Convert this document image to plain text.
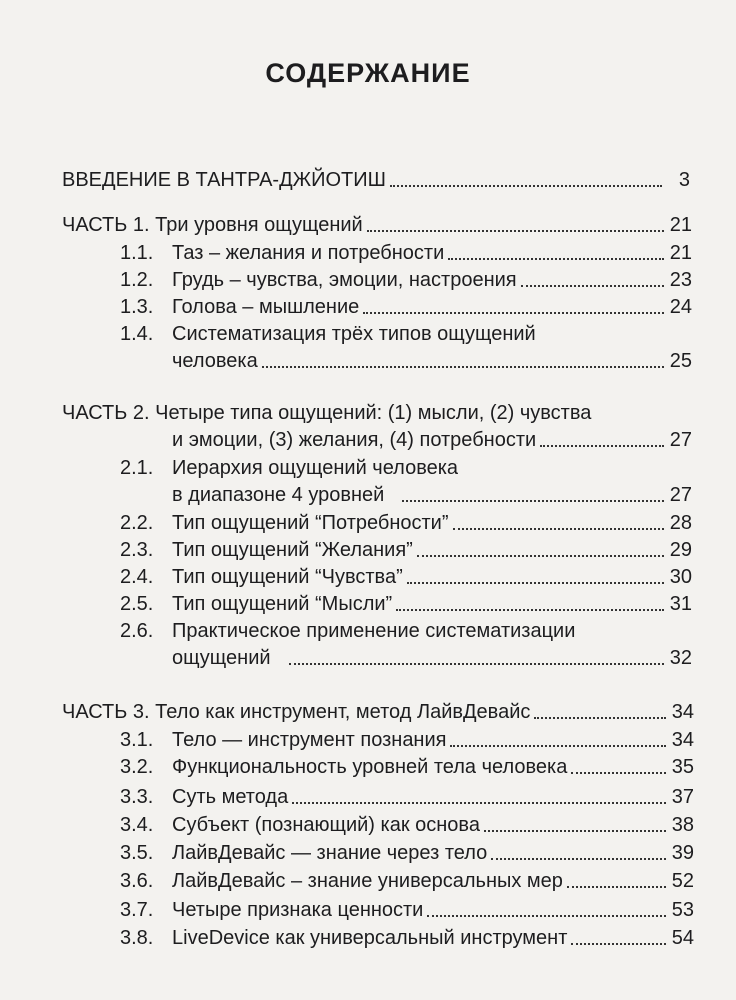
СОДЕРЖАНИЕ
ВВЕДЕНИЕ В ТАНТРА-ДЖЙОТИШ	3
ЧАСТЬ 1. Три уровня ощущений	21
1.1. Таз – желания и потребности	21
1.2. Грудь – чувства, эмоции, настроения	23
1.3. Голова – мышление	24
1.4. Систематизация трёх типов ощущений
человека	25
ЧАСТЬ 2. Четыре типа ощущений: (1) мысли, (2) чувства
и эмоции, (3) желания, (4) потребности	27
2.1. Иерархия ощущений человека
в диапазоне 4 уровней	27
2.2. Тип ощущений “Потребности”	28
2.3. Тип ощущений “Желания”	29
2.4. Тип ощущений “Чувства”	30
2.5. Тип ощущений “Мысли”	31
2.6. Практическое применение систематизации
ощущений	32
ЧАСТЬ 3. Тело как инструмент, метод ЛайвДевайс	34
3.1. Тело — инструмент познания	34
3.2. Функциональность уровней тела человека	35
3.3. Суть метода	37
3.4. Субъект (познающий) как основа	38
3.5. ЛайвДевайс — знание через тело	39
3.6. ЛайвДевайс – знание универсальных мер	52
3.7. Четыре признака ценности	53
3.8. LiveDevice как универсальный инструмент	54
